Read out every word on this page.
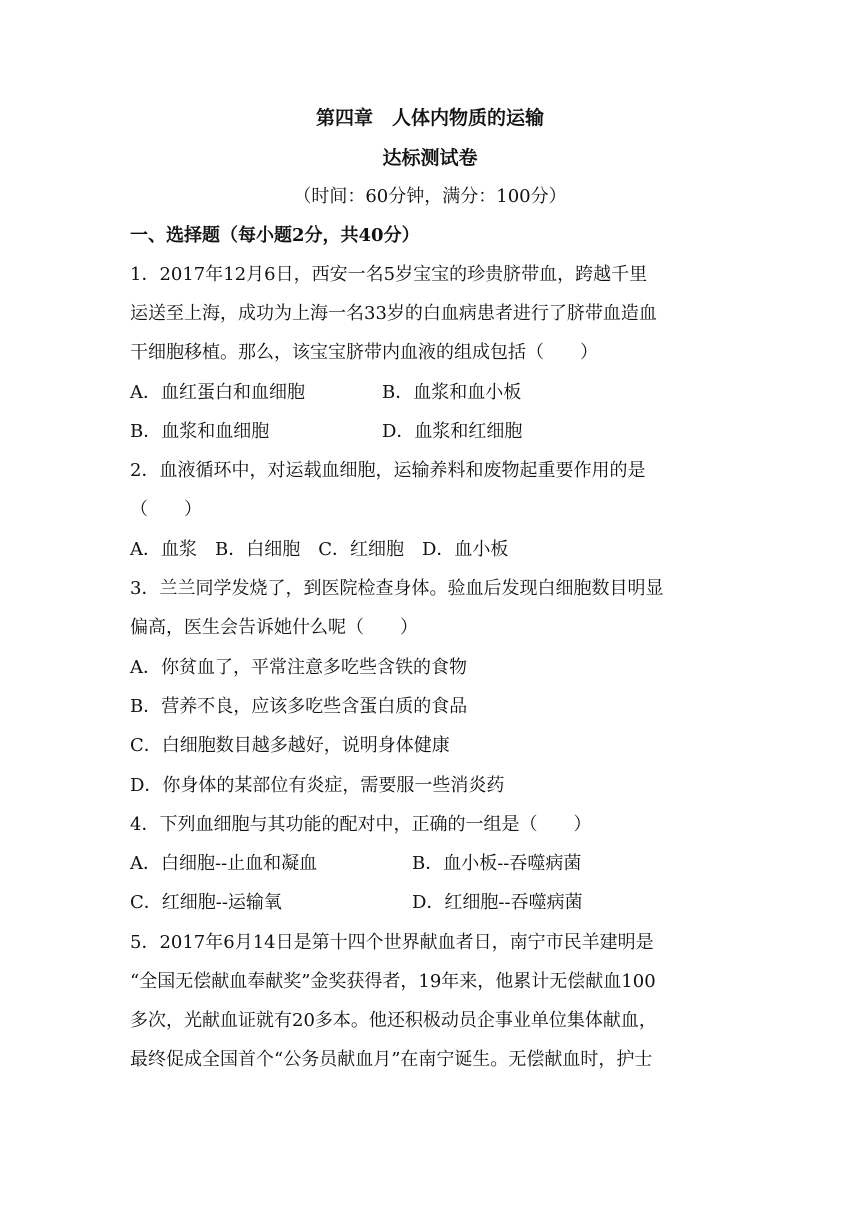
第四章　人体内物质的运输
达标测试卷
（时间：60分钟，满分：100分）
一、选择题（每小题2分，共40分）
1．2017年12月6日，西安一名5岁宝宝的珍贵脐带血，跨越千里
运送至上海，成功为上海一名33岁的白血病患者进行了脐带血造血
干细胞移植。那么，该宝宝脐带内血液的组成包括（　　）
A．血红蛋白和血细胞	B．血浆和血小板
B．血浆和血细胞	D．血浆和红细胞
2．血液循环中，对运载血细胞，运输养料和废物起重要作用的是
（　　）
A．血浆　B．白细胞　C．红细胞　D．血小板
3．兰兰同学发烧了，到医院检查身体。验血后发现白细胞数目明显
偏高，医生会告诉她什么呢（　　）
A．你贫血了，平常注意多吃些含铁的食物
B．营养不良，应该多吃些含蛋白质的食品
C．白细胞数目越多越好，说明身体健康
D．你身体的某部位有炎症，需要服一些消炎药
4．下列血细胞与其功能的配对中，正确的一组是（　　）
A．白细胞--止血和凝血	B．血小板--吞噬病菌
C．红细胞--运输氧	D．红细胞--吞噬病菌
5．2017年6月14日是第十四个世界献血者日，南宁市民羊建明是
“全国无偿献血奉献奖”金奖获得者，19年来，他累计无偿献血100
多次，光献血证就有20多本。他还积极动员企事业单位集体献血，
最终促成全国首个“公务员献血月”在南宁诞生。无偿献血时，护士
